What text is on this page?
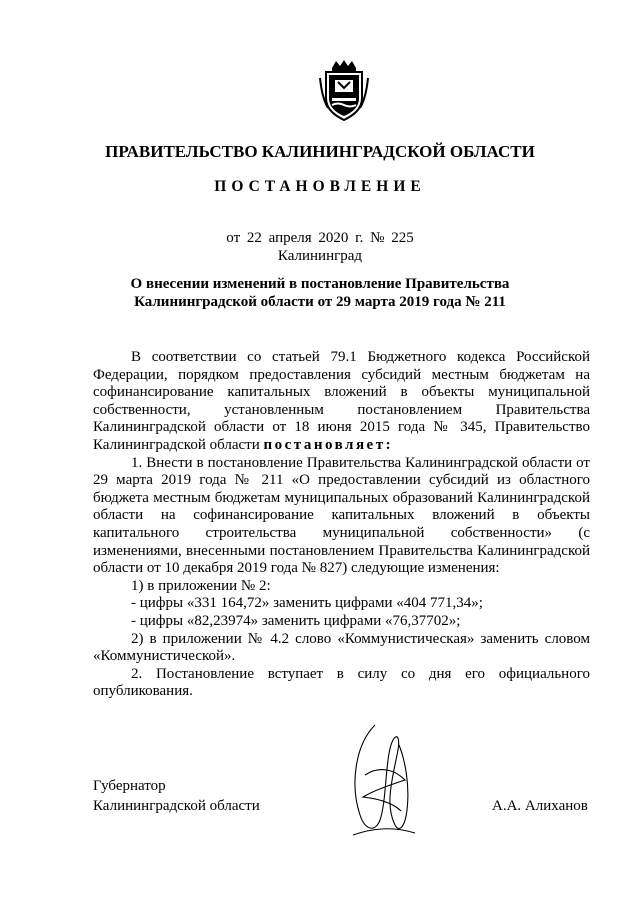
ПРАВИТЕЛЬСТВО КАЛИНИНГРАДСКОЙ ОБЛАСТИ
ПОСТАНОВЛЕНИЕ
от 22 апреля 2020 г. № 225
Калининград
О внесении изменений в постановление Правительства
Калининградской области от 29 марта 2019 года № 211

В соответствии со статьей 79.1 Бюджетного кодекса Российской Федерации, порядком предоставления субсидий местным бюджетам на софинансирование капитальных вложений в объекты муниципальной собственности, установленным постановлением Правительства Калининградской области от 18 июня 2015 года № 345, Правительство Калининградской области постановляет:

1. Внести в постановление Правительства Калининградской области от 29 марта 2019 года № 211 «О предоставлении субсидий из областного бюджета местным бюджетам муниципальных образований Калининградской области на софинансирование капитальных вложений в объекты капитального строительства муниципальной собственности» (с изменениями, внесенными постановлением Правительства Калининградской области от 10 декабря 2019 года № 827) следующие изменения:

1) в приложении № 2:

- цифры «331 164,72» заменить цифрами «404 771,34»;

- цифры «82,23974» заменить цифрами «76,37702»;

2) в приложении № 4.2 слово «Коммунистическая» заменить словом «Коммунистической».

2. Постановление вступает в силу со дня его официального опубликования.

Губернатор
Калининградской области	А.А. Алиханов
